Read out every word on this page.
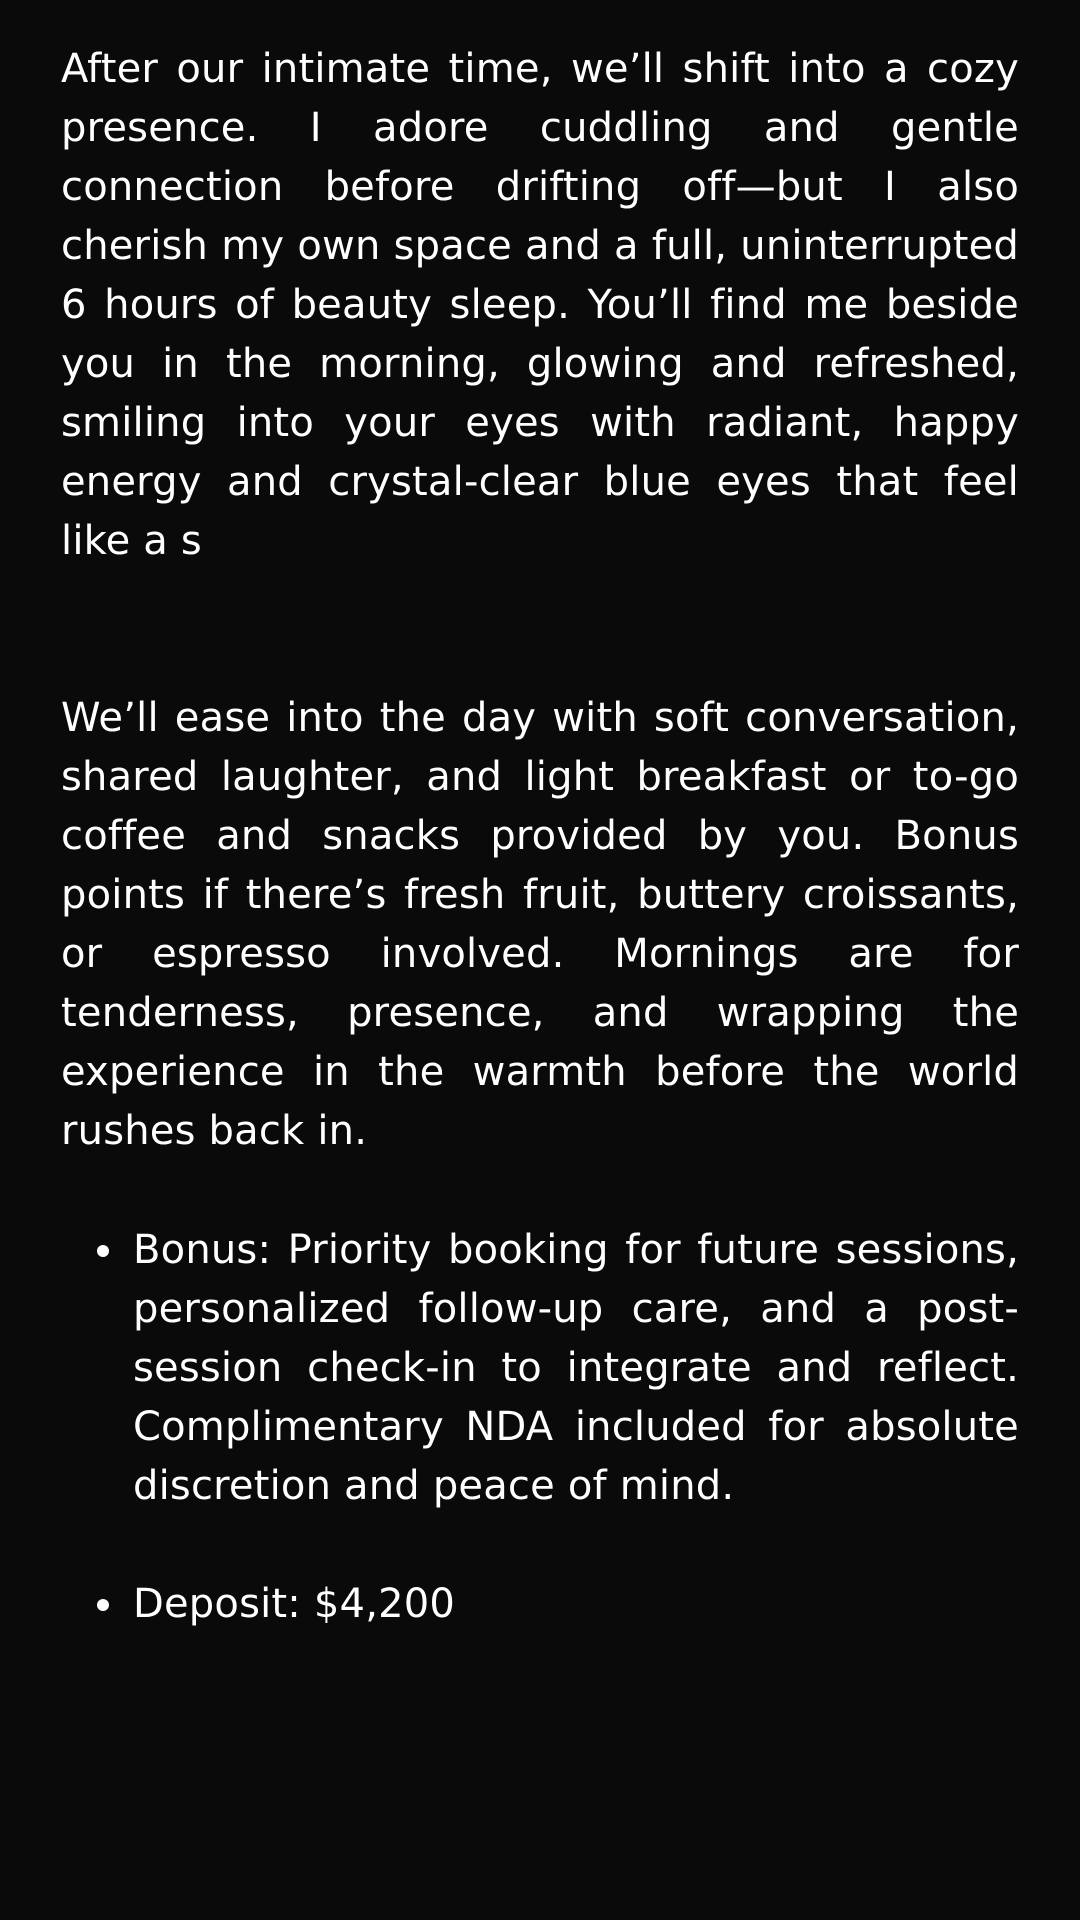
After our intimate time, we’ll shift into a cozy presence. I adore cuddling and gentle connection before drifting off—but I also cherish my own space and a full, uninterrupted 6 hours of beauty sleep. You’ll find me beside you in the morning, glowing and refreshed, smiling into your eyes with radiant, happy energy and crystal-clear blue eyes that feel like a s

We’ll ease into the day with soft conversation, shared laughter, and light breakfast or to-go coffee and snacks provided by you. Bonus points if there’s fresh fruit, buttery croissants, or espresso involved. Mornings are for tenderness, presence, and wrapping the experience in the warmth before the world rushes back in.

Bonus: Priority booking for future sessions, personalized follow-up care, and a post-session check-in to integrate and reflect. Complimentary NDA included for absolute discretion and peace of mind.
Deposit: $4,200
